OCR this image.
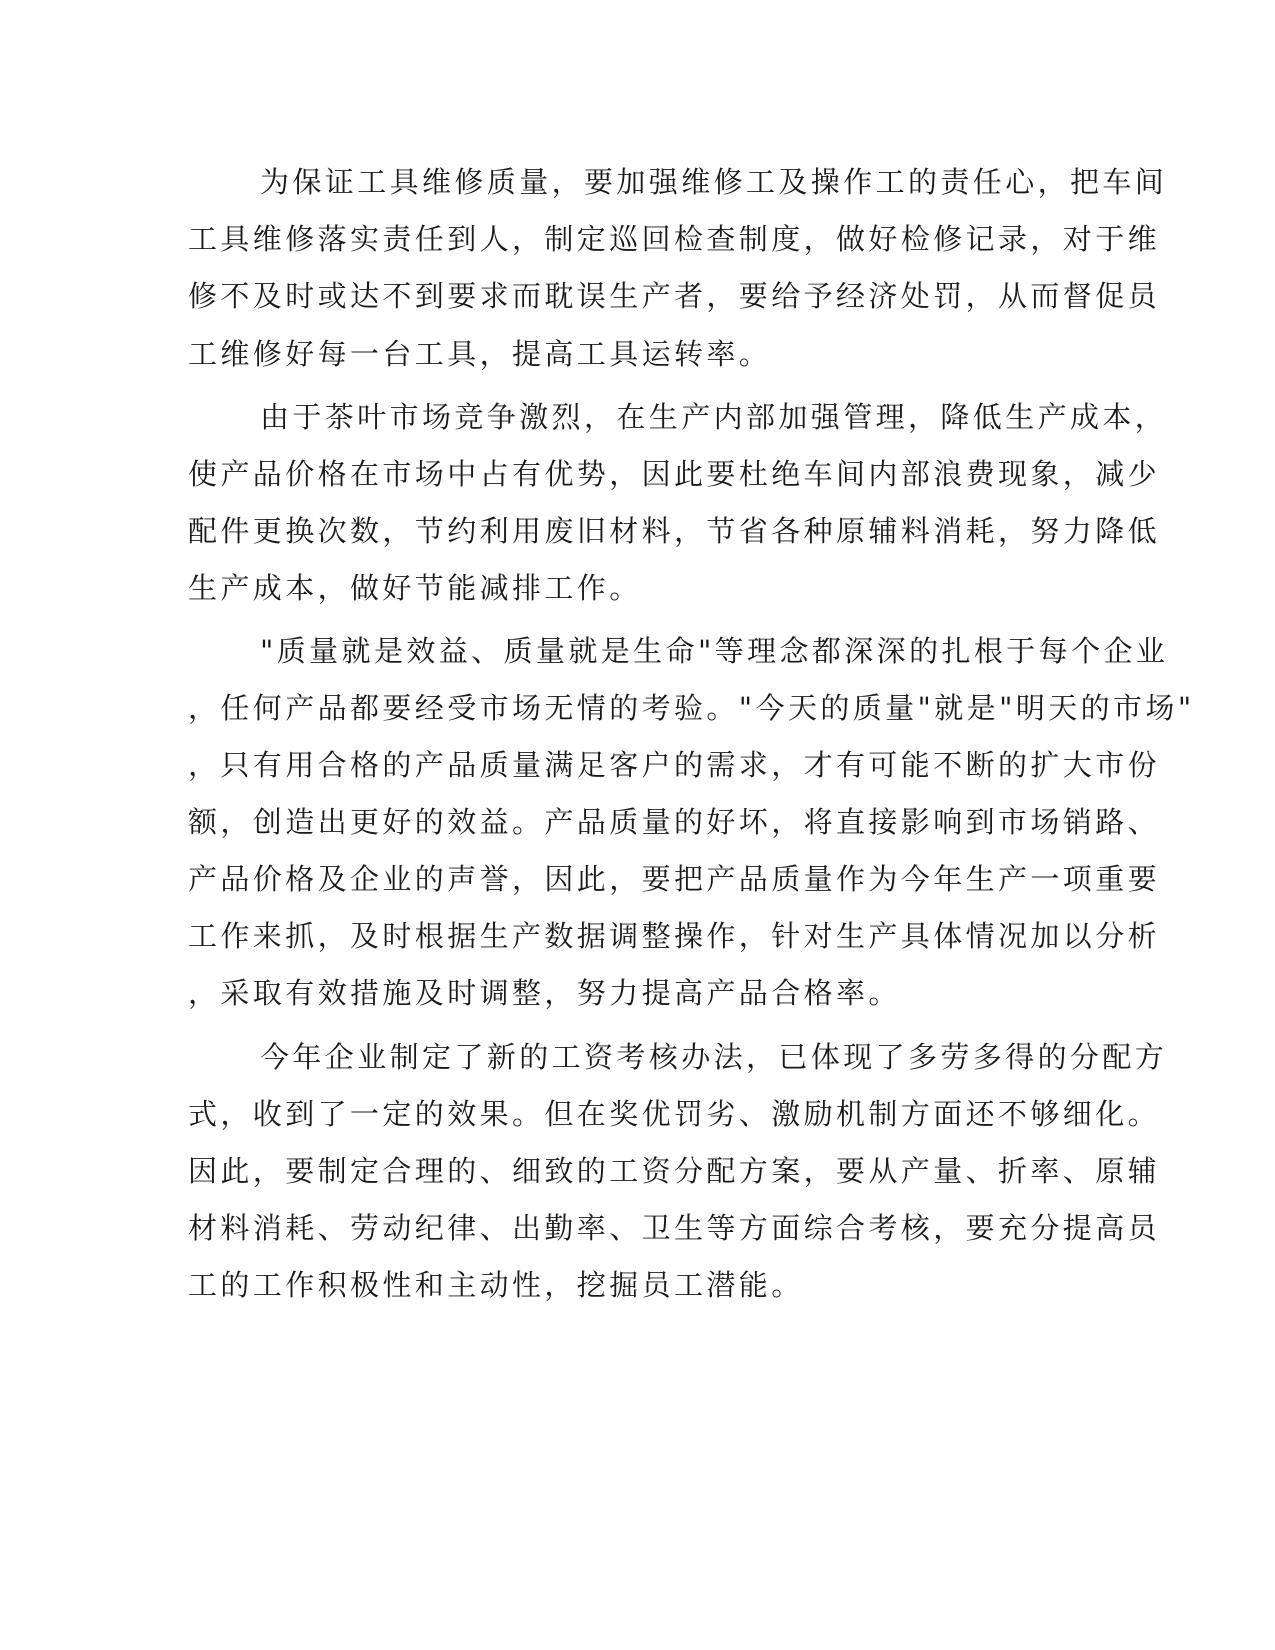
为保证工具维修质量，要加强维修工及操作工的责任心，把车间
工具维修落实责任到人，制定巡回检查制度，做好检修记录，对于维
修不及时或达不到要求而耽误生产者，要给予经济处罚，从而督促员
工维修好每一台工具，提高工具运转率。
由于茶叶市场竞争激烈，在生产内部加强管理，降低生产成本，
使产品价格在市场中占有优势，因此要杜绝车间内部浪费现象，减少
配件更换次数，节约利用废旧材料，节省各种原辅料消耗，努力降低
生产成本，做好节能减排工作。
"质量就是效益、质量就是生命"等理念都深深的扎根于每个企业
，任何产品都要经受市场无情的考验。"今天的质量"就是"明天的市场"
，只有用合格的产品质量满足客户的需求，才有可能不断的扩大市份
额，创造出更好的效益。产品质量的好坏，将直接影响到市场销路、
产品价格及企业的声誉，因此，要把产品质量作为今年生产一项重要
工作来抓，及时根据生产数据调整操作，针对生产具体情况加以分析
，采取有效措施及时调整，努力提高产品合格率。
今年企业制定了新的工资考核办法，已体现了多劳多得的分配方
式，收到了一定的效果。但在奖优罚劣、激励机制方面还不够细化。
因此，要制定合理的、细致的工资分配方案，要从产量、折率、原辅
材料消耗、劳动纪律、出勤率、卫生等方面综合考核，要充分提高员
工的工作积极性和主动性，挖掘员工潜能。
